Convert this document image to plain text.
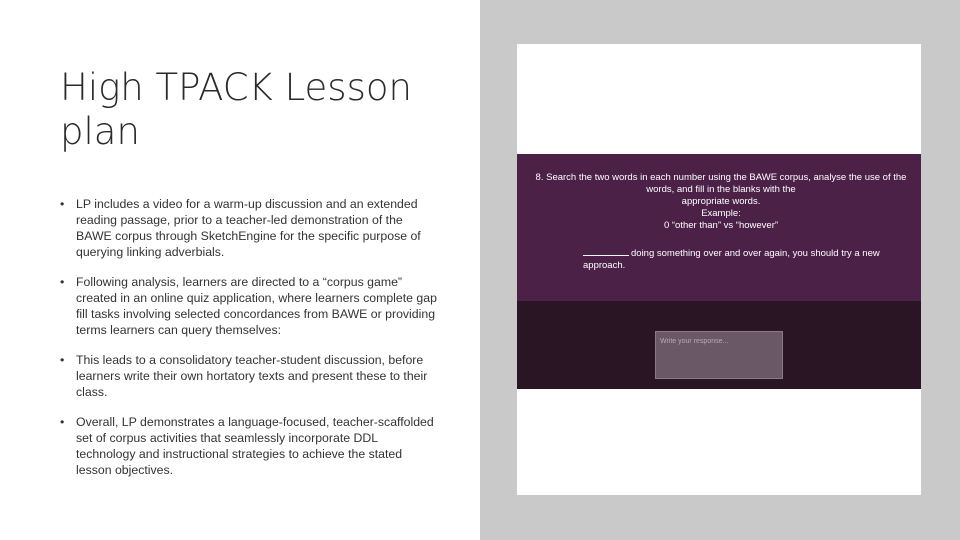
High TPACK Lesson plan
• LP includes a video for a warm-up discussion and an extended reading passage, prior to a teacher-led demonstration of the BAWE corpus through SketchEngine for the specific purpose of querying linking adverbials.
• Following analysis, learners are directed to a “corpus game” created in an online quiz application, where learners complete gap fill tasks involving selected concordances from BAWE or providing terms learners can query themselves:
• This leads to a consolidatory teacher-student discussion, before learners write their own hortatory texts and present these to their class.
• Overall, LP demonstrates a language-focused, teacher-scaffolded set of corpus activities that seamlessly incorporate DDL technology and instructional strategies to achieve the stated lesson objectives.
8. Search the two words in each number using the BAWE corpus, analyse the use of the words, and fill in the blanks with the
appropriate words.
Example:
0 “other than” vs “however”
doing something over and over again, you should try a new approach.
Write your response...
